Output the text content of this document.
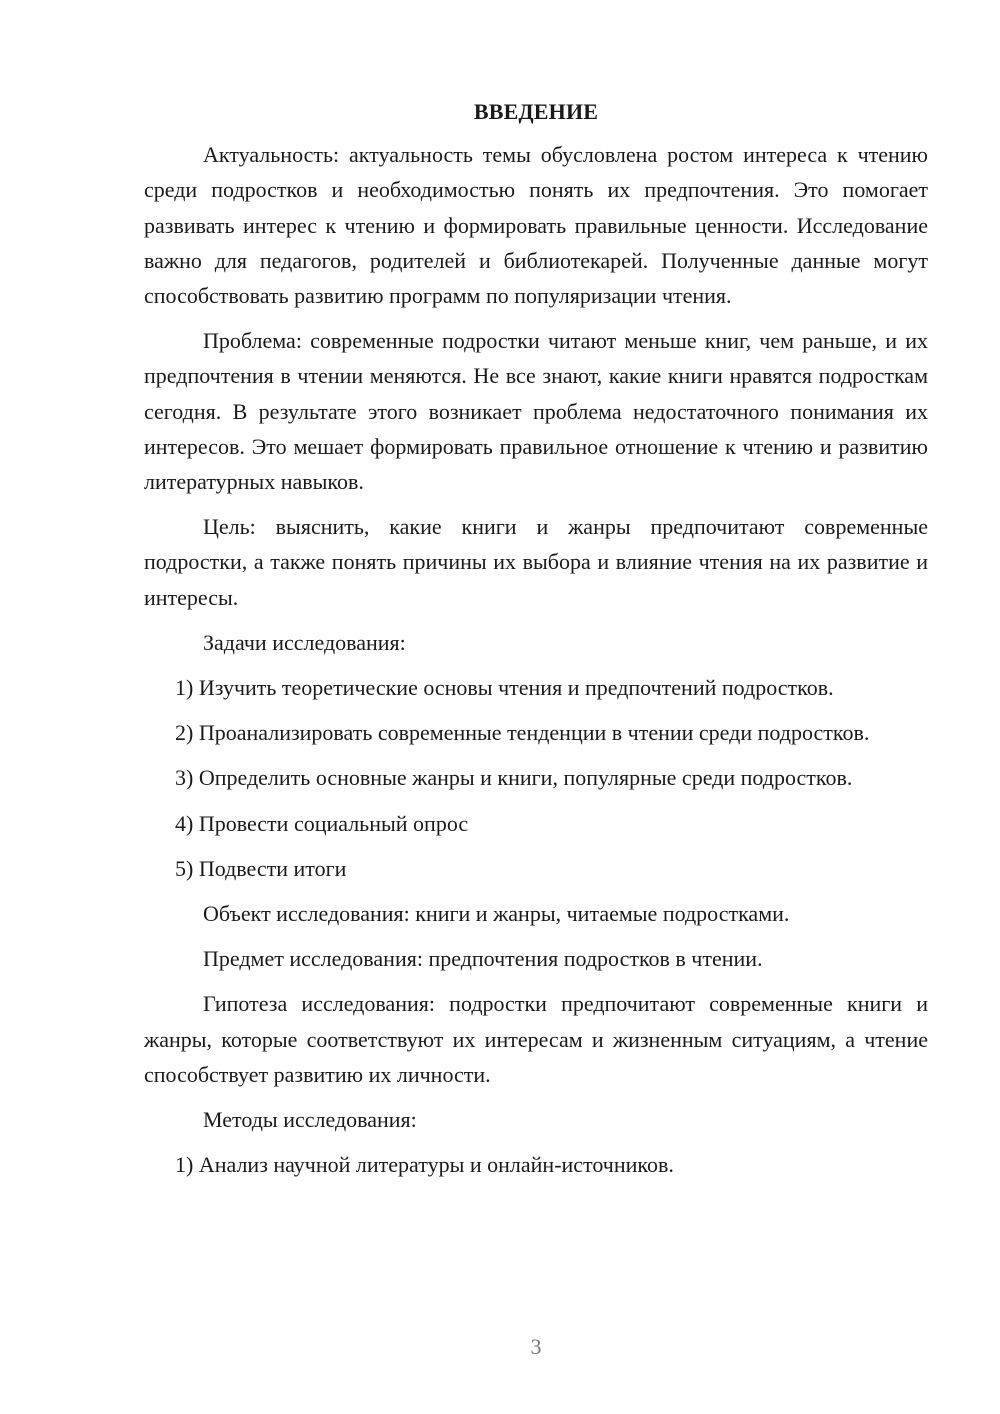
ВВЕДЕНИЕ

Актуальность: актуальность темы обусловлена ростом интереса к чтению среди подростков и необходимостью понять их предпочтения. Это помогает развивать интерес к чтению и формировать правильные ценности. Исследование важно для педагогов, родителей и библиотекарей. Полученные данные могут способствовать развитию программ по популяризации чтения.

Проблема: современные подростки читают меньше книг, чем раньше, и их предпочтения в чтении меняются. Не все знают, какие книги нравятся подросткам сегодня. В результате этого возникает проблема недостаточного понимания их интересов. Это мешает формировать правильное отношение к чтению и развитию литературных навыков.

Цель: выяснить, какие книги и жанры предпочитают современные подростки, а также понять причины их выбора и влияние чтения на их развитие и интересы.

Задачи исследования:

1) Изучить теоретические основы чтения и предпочтений подростков.

2) Проанализировать современные тенденции в чтении среди подростков.

3) Определить основные жанры и книги, популярные среди подростков.

4) Провести социальный опрос

5) Подвести итоги

Объект исследования: книги и жанры, читаемые подростками.

Предмет исследования: предпочтения подростков в чтении.

Гипотеза исследования: подростки предпочитают современные книги и жанры, которые соответствуют их интересам и жизненным ситуациям, а чтение способствует развитию их личности.

Методы исследования:

1) Анализ научной литературы и онлайн-источников.

3
